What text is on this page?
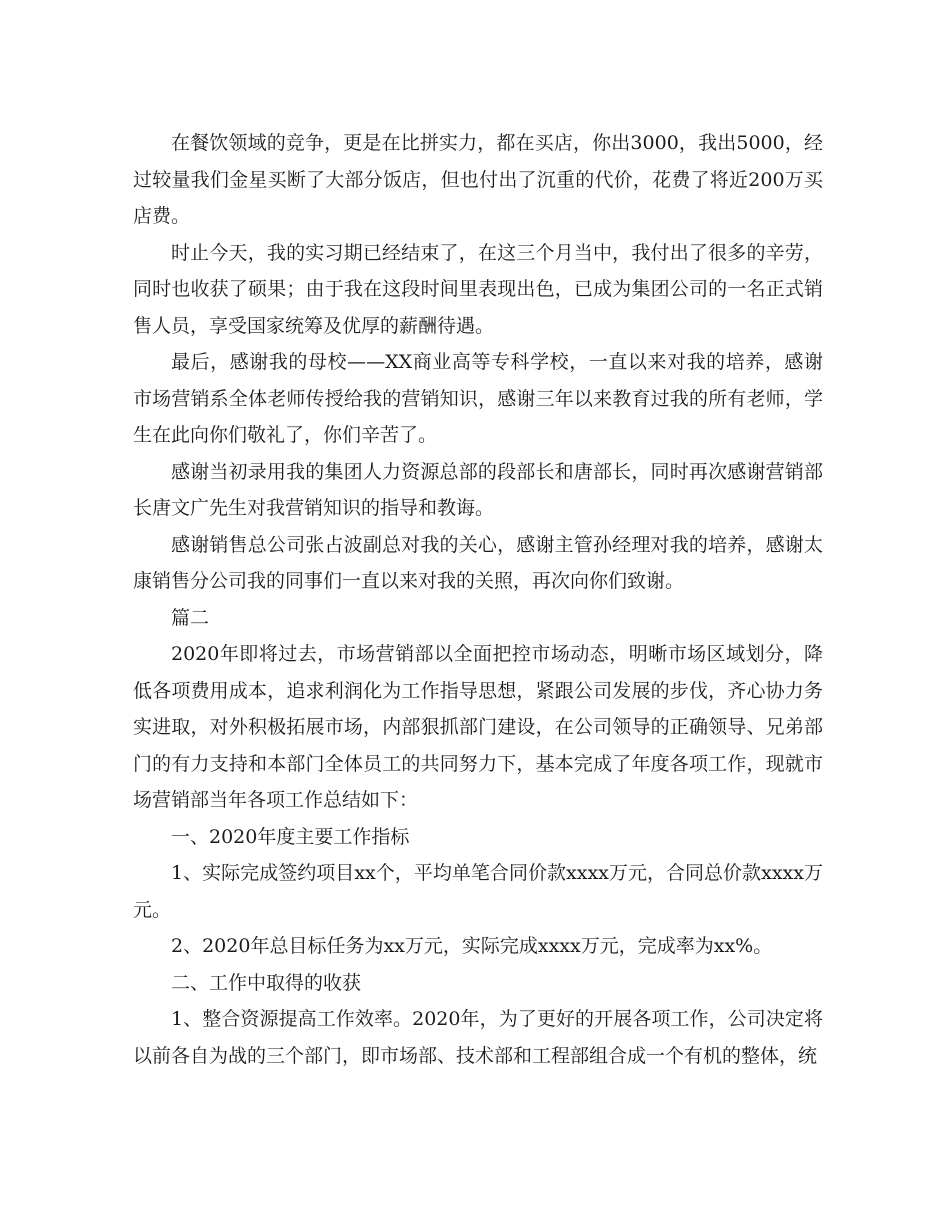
在餐饮领域的竞争，更是在比拼实力，都在买店，你出3000，我出5000，经过较量我们金星买断了大部分饭店，但也付出了沉重的代价，花费了将近200万买店费。

时止今天，我的实习期已经结束了，在这三个月当中，我付出了很多的辛劳，同时也收获了硕果；由于我在这段时间里表现出色，已成为集团公司的一名正式销售人员，享受国家统筹及优厚的薪酬待遇。

最后，感谢我的母校——XX商业高等专科学校，一直以来对我的培养，感谢市场营销系全体老师传授给我的营销知识，感谢三年以来教育过我的所有老师，学生在此向你们敬礼了，你们辛苦了。

感谢当初录用我的集团人力资源总部的段部长和唐部长，同时再次感谢营销部长唐文广先生对我营销知识的指导和教诲。

感谢销售总公司张占波副总对我的关心，感谢主管孙经理对我的培养，感谢太康销售分公司我的同事们一直以来对我的关照，再次向你们致谢。

篇二

2020年即将过去，市场营销部以全面把控市场动态，明晰市场区域划分，降低各项费用成本，追求利润化为工作指导思想，紧跟公司发展的步伐，齐心协力务实进取，对外积极拓展市场，内部狠抓部门建设，在公司领导的正确领导、兄弟部门的有力支持和本部门全体员工的共同努力下，基本完成了年度各项工作，现就市场营销部当年各项工作总结如下：

一、2020年度主要工作指标

1、实际完成签约项目xx个，平均单笔合同价款xxxx万元，合同总价款xxxx万元。

2、2020年总目标任务为xx万元，实际完成xxxx万元，完成率为xx%。

二、工作中取得的收获

1、整合资源提高工作效率。2020年，为了更好的开展各项工作，公司决定将以前各自为战的三个部门，即市场部、技术部和工程部组合成一个有机的整体，统
